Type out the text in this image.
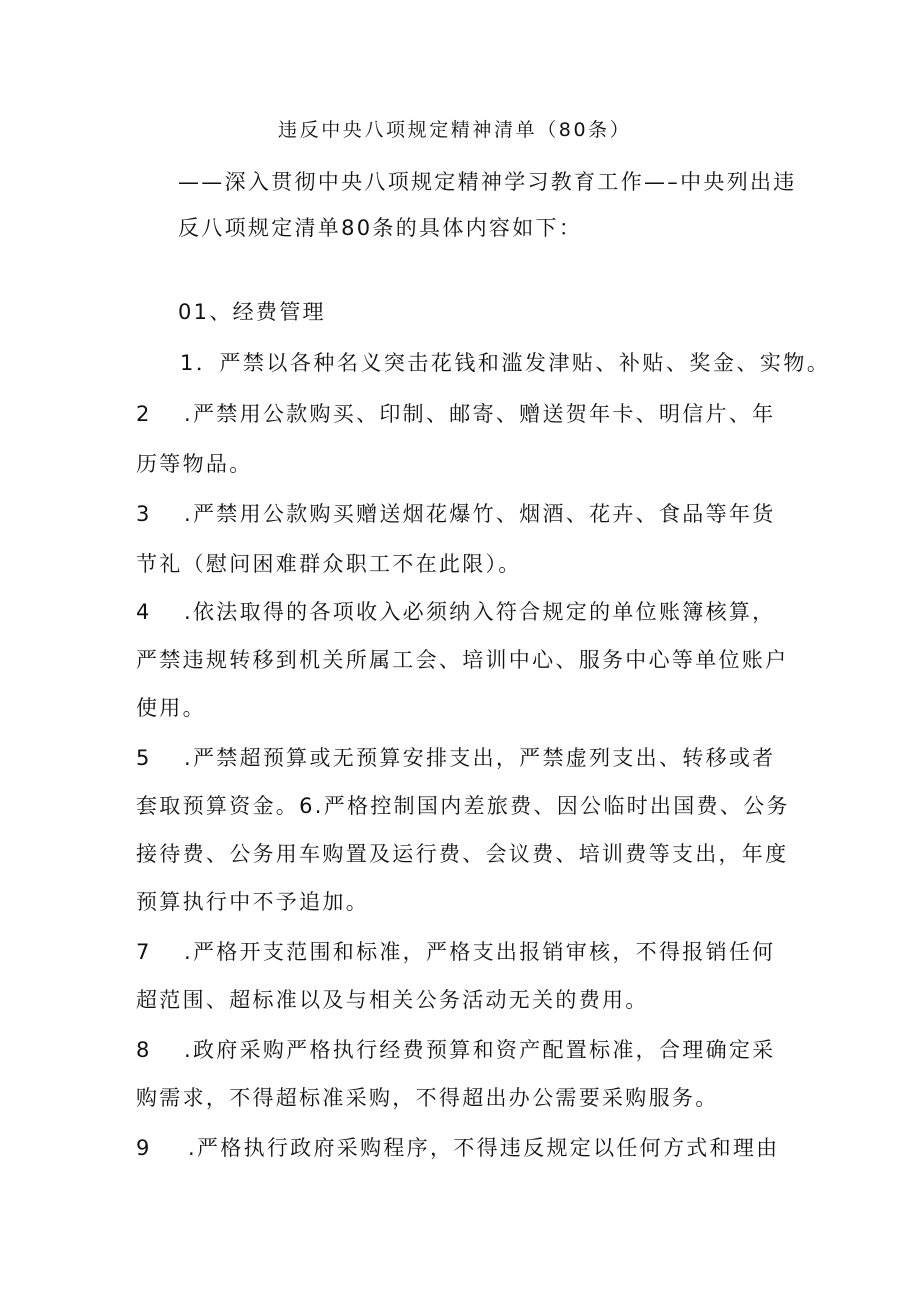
违反中央八项规定精神清单（80条）
——深入贯彻中央八项规定精神学习教育工作—–中央列出违
反八项规定清单80条的具体内容如下：
01、经费管理
1．严禁以各种名义突击花钱和滥发津贴、补贴、奖金、实物。
2 .严禁用公款购买、印制、邮寄、赠送贺年卡、明信片、年
历等物品。
3 .严禁用公款购买赠送烟花爆竹、烟酒、花卉、食品等年货
节礼（慰问困难群众职工不在此限）。
4 .依法取得的各项收入必须纳入符合规定的单位账簿核算，
严禁违规转移到机关所属工会、培训中心、服务中心等单位账户
使用。
5 .严禁超预算或无预算安排支出，严禁虚列支出、转移或者
套取预算资金。6.严格控制国内差旅费、因公临时出国费、公务
接待费、公务用车购置及运行费、会议费、培训费等支出，年度
预算执行中不予追加。
7 .严格开支范围和标准，严格支出报销审核，不得报销任何
超范围、超标准以及与相关公务活动无关的费用。
8 .政府采购严格执行经费预算和资产配置标准，合理确定采
购需求，不得超标准采购，不得超出办公需要采购服务。
9 .严格执行政府采购程序，不得违反规定以任何方式和理由
